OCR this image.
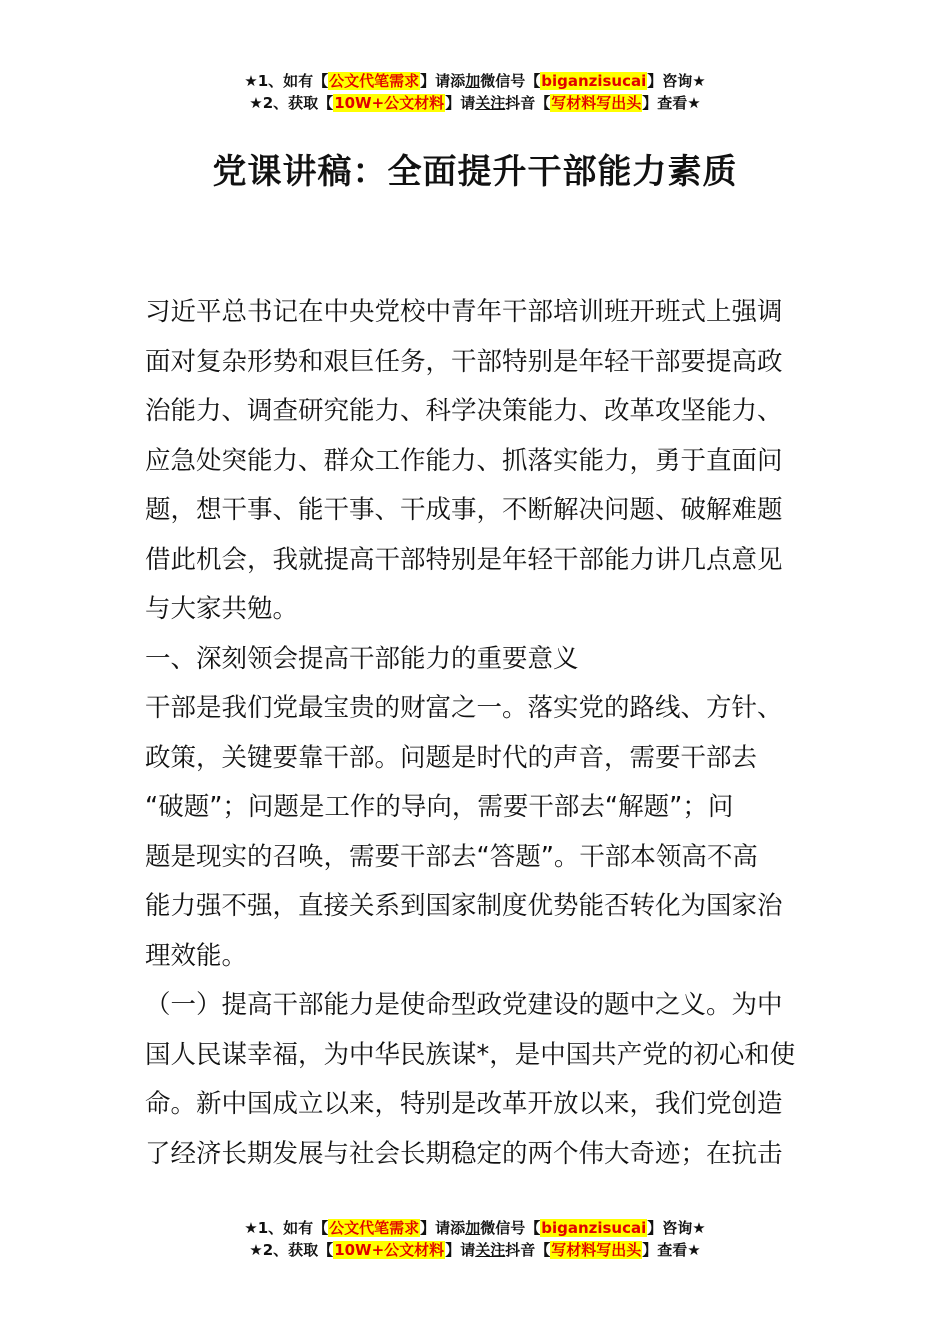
★1、如有【公文代笔需求】请添加微信号【biganzisucai】咨询★
★2、获取【10W+公文材料】请关注抖音【写材料写出头】查看★
党课讲稿：全面提升干部能力素质

习近平总书记在中央党校中青年干部培训班开班式上强调

面对复杂形势和艰巨任务，干部特别是年轻干部要提高政

治能力、调查研究能力、科学决策能力、改革攻坚能力、

应急处突能力、群众工作能力、抓落实能力，勇于直面问

题，想干事、能干事、干成事，不断解决问题、破解难题

借此机会，我就提高干部特别是年轻干部能力讲几点意见

与大家共勉。

一、深刻领会提高干部能力的重要意义

干部是我们党最宝贵的财富之一。落实党的路线、方针、

政策，关键要靠干部。问题是时代的声音，需要干部去

“破题”；问题是工作的导向，需要干部去“解题”；问

题是现实的召唤，需要干部去“答题”。干部本领高不高

能力强不强，直接关系到国家制度优势能否转化为国家治

理效能。

（一）提高干部能力是使命型政党建设的题中之义。为中

国人民谋幸福，为中华民族谋*，是中国共产党的初心和使

命。新中国成立以来，特别是改革开放以来，我们党创造

了经济长期发展与社会长期稳定的两个伟大奇迹；在抗击

★1、如有【公文代笔需求】请添加微信号【biganzisucai】咨询★
★2、获取【10W+公文材料】请关注抖音【写材料写出头】查看★
